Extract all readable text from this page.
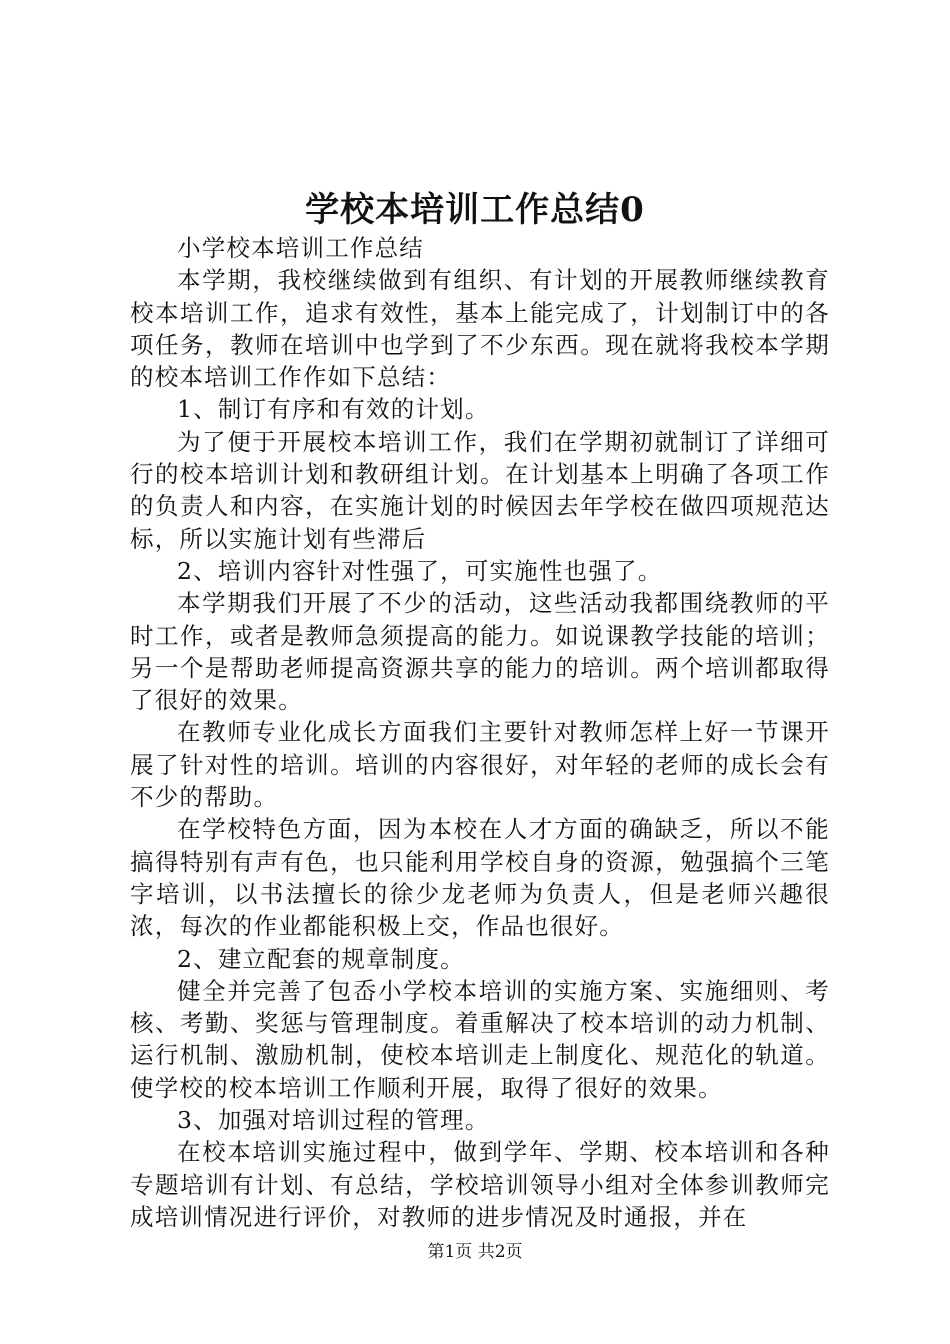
学校本培训工作总结0

小学校本培训工作总结

本学期，我校继续做到有组织、有计划的开展教师继续教育校本培训工作，追求有效性，基本上能完成了，计划制订中的各项任务，教师在培训中也学到了不少东西。现在就将我校本学期的校本培训工作作如下总结：

1、制订有序和有效的计划。

为了便于开展校本培训工作，我们在学期初就制订了详细可行的校本培训计划和教研组计划。在计划基本上明确了各项工作的负责人和内容，在实施计划的时候因去年学校在做四项规范达标，所以实施计划有些滞后

2、培训内容针对性强了，可实施性也强了。

本学期我们开展了不少的活动，这些活动我都围绕教师的平时工作，或者是教师急须提高的能力。如说课教学技能的培训；另一个是帮助老师提高资源共享的能力的培训。两个培训都取得了很好的效果。

在教师专业化成长方面我们主要针对教师怎样上好一节课开展了针对性的培训。培训的内容很好，对年轻的老师的成长会有不少的帮助。

在学校特色方面，因为本校在人才方面的确缺乏，所以不能搞得特别有声有色，也只能利用学校自身的资源，勉强搞个三笔字培训，以书法擅长的徐少龙老师为负责人，但是老师兴趣很浓，每次的作业都能积极上交，作品也很好。

2、建立配套的规章制度。

健全并完善了包岙小学校本培训的实施方案、实施细则、考核、考勤、奖惩与管理制度。着重解决了校本培训的动力机制、运行机制、激励机制，使校本培训走上制度化、规范化的轨道。使学校的校本培训工作顺利开展，取得了很好的效果。

3、加强对培训过程的管理。

在校本培训实施过程中，做到学年、学期、校本培训和各种专题培训有计划、有总结，学校培训领导小组对全体参训教师完成培训情况进行评价，对教师的进步情况及时通报，并在

第1页 共2页
